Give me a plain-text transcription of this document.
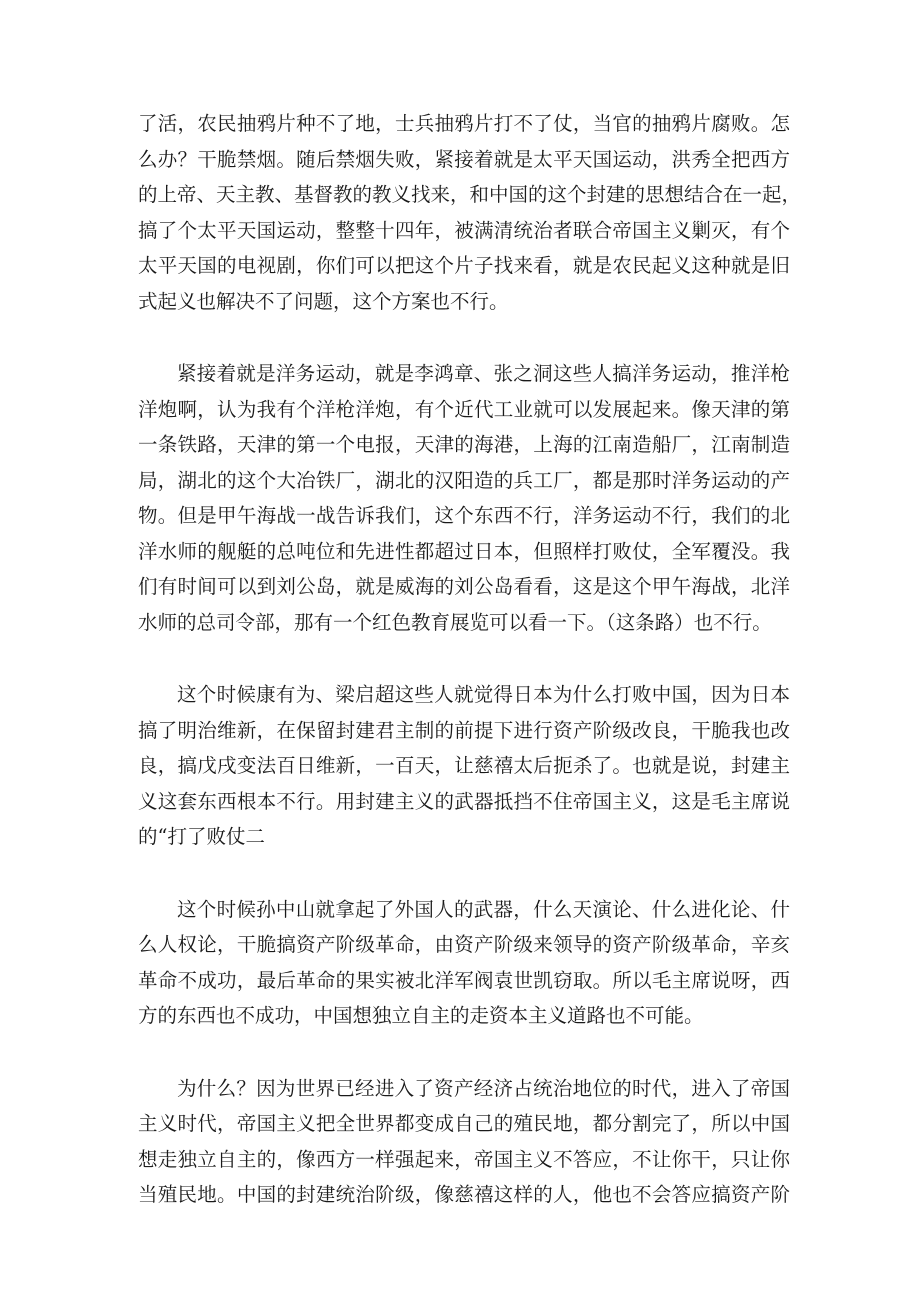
了活，农民抽鸦片种不了地，士兵抽鸦片打不了仗，当官的抽鸦片腐败。怎
么办？干脆禁烟。随后禁烟失败，紧接着就是太平天国运动，洪秀全把西方
的上帝、天主教、基督教的教义找来，和中国的这个封建的思想结合在一起，
搞了个太平天国运动，整整十四年，被满清统治者联合帝国主义剿灭，有个
太平天国的电视剧，你们可以把这个片子找来看，就是农民起义这种就是旧
式起义也解决不了问题，这个方案也不行。

紧接着就是洋务运动，就是李鸿章、张之洞这些人搞洋务运动，推洋枪
洋炮啊，认为我有个洋枪洋炮，有个近代工业就可以发展起来。像天津的第
一条铁路，天津的第一个电报，天津的海港，上海的江南造船厂，江南制造
局，湖北的这个大冶铁厂，湖北的汉阳造的兵工厂，都是那时洋务运动的产
物。但是甲午海战一战告诉我们，这个东西不行，洋务运动不行，我们的北
洋水师的舰艇的总吨位和先进性都超过日本，但照样打败仗，全军覆没。我
们有时间可以到刘公岛，就是威海的刘公岛看看，这是这个甲午海战，北洋
水师的总司令部，那有一个红色教育展览可以看一下。（这条路）也不行。

这个时候康有为、梁启超这些人就觉得日本为什么打败中国，因为日本
搞了明治维新，在保留封建君主制的前提下进行资产阶级改良，干脆我也改
良，搞戊戌变法百日维新，一百天，让慈禧太后扼杀了。也就是说，封建主
义这套东西根本不行。用封建主义的武器抵挡不住帝国主义，这是毛主席说
的“打了败仗二

这个时候孙中山就拿起了外国人的武器，什么天演论、什么进化论、什
么人权论，干脆搞资产阶级革命，由资产阶级来领导的资产阶级革命，辛亥
革命不成功，最后革命的果实被北洋军阀袁世凯窃取。所以毛主席说呀，西
方的东西也不成功，中国想独立自主的走资本主义道路也不可能。

为什么？因为世界已经进入了资产经济占统治地位的时代，进入了帝国
主义时代，帝国主义把全世界都变成自己的殖民地，都分割完了，所以中国
想走独立自主的，像西方一样强起来，帝国主义不答应，不让你干，只让你
当殖民地。中国的封建统治阶级，像慈禧这样的人，他也不会答应搞资产阶
